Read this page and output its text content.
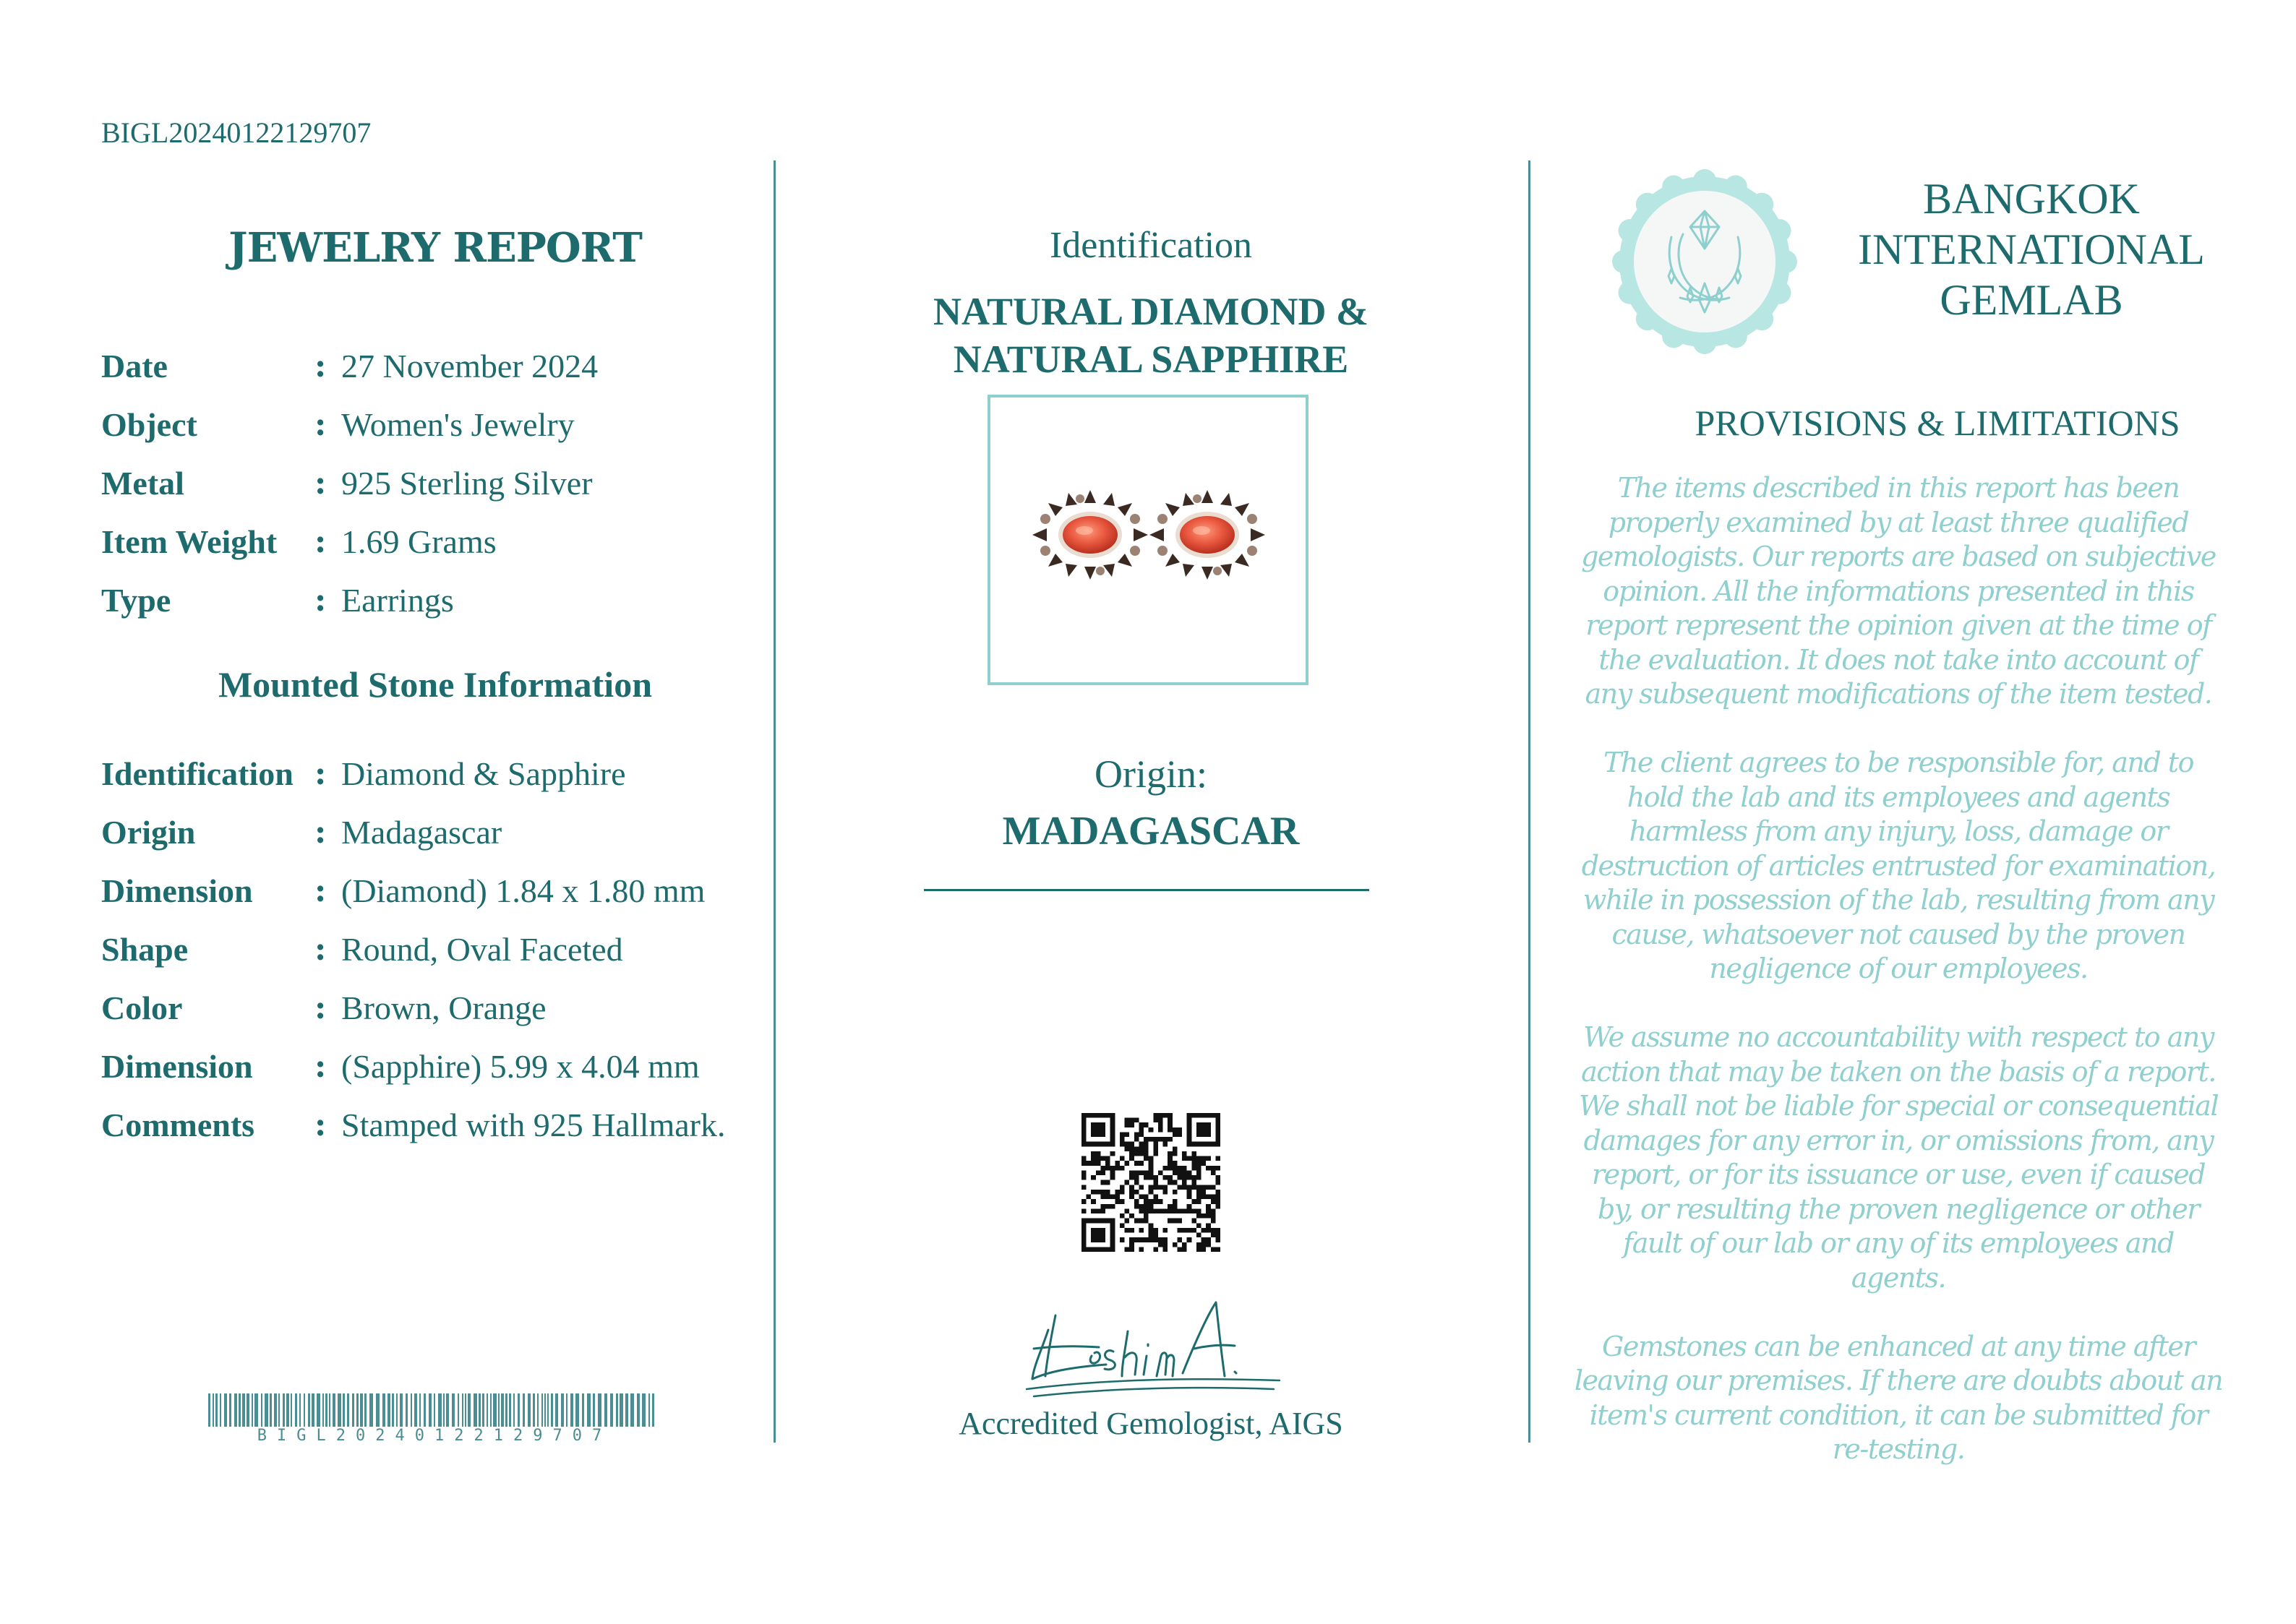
BIGL20240122129707
JEWELRY REPORT
Date	: 27 November 2024
Object	: Women's Jewelry
Metal	: 925 Sterling Silver
Item Weight : 1.69 Grams
Type	: Earrings
Mounted Stone Information
Identification : Diamond & Sapphire
Origin	: Madagascar
Dimension : (Diamond) 1.84 x 1.80 mm
Shape	: Round, Oval Faceted
Color	: Brown, Orange
Dimension : (Sapphire) 5.99 x 4.04 mm
Comments : Stamped with 925 Hallmark.
BIGL20240122129707
Identification
NATURAL DIAMOND &
NATURAL SAPPHIRE
Origin:
MADAGASCAR
Accredited Gemologist, AIGS
BANGKOK
INTERNATIONAL
GEMLAB
PROVISIONS & LIMITATIONS

The items described in this report has been properly examined by at least three qualified gemologists. Our reports are based on subjective opinion. All the informations presented in this report represent the opinion given at the time of the evaluation. It does not take into account of any subsequent modifications of the item tested.

The client agrees to be responsible for, and to hold the lab and its employees and agents harmless from any injury, loss, damage or destruction of articles entrusted for examination, while in possession of the lab, resulting from any cause, whatsoever not caused by the proven negligence of our employees.

We assume no accountability with respect to any action that may be taken on the basis of a report. We shall not be liable for special or consequential damages for any error in, or omissions from, any report, or for its issuance or use, even if caused by, or resulting the proven negligence or other fault of our lab or any of its employees and agents.

Gemstones can be enhanced at any time after leaving our premises. If there are doubts about an item's current condition, it can be submitted for re-testing.
